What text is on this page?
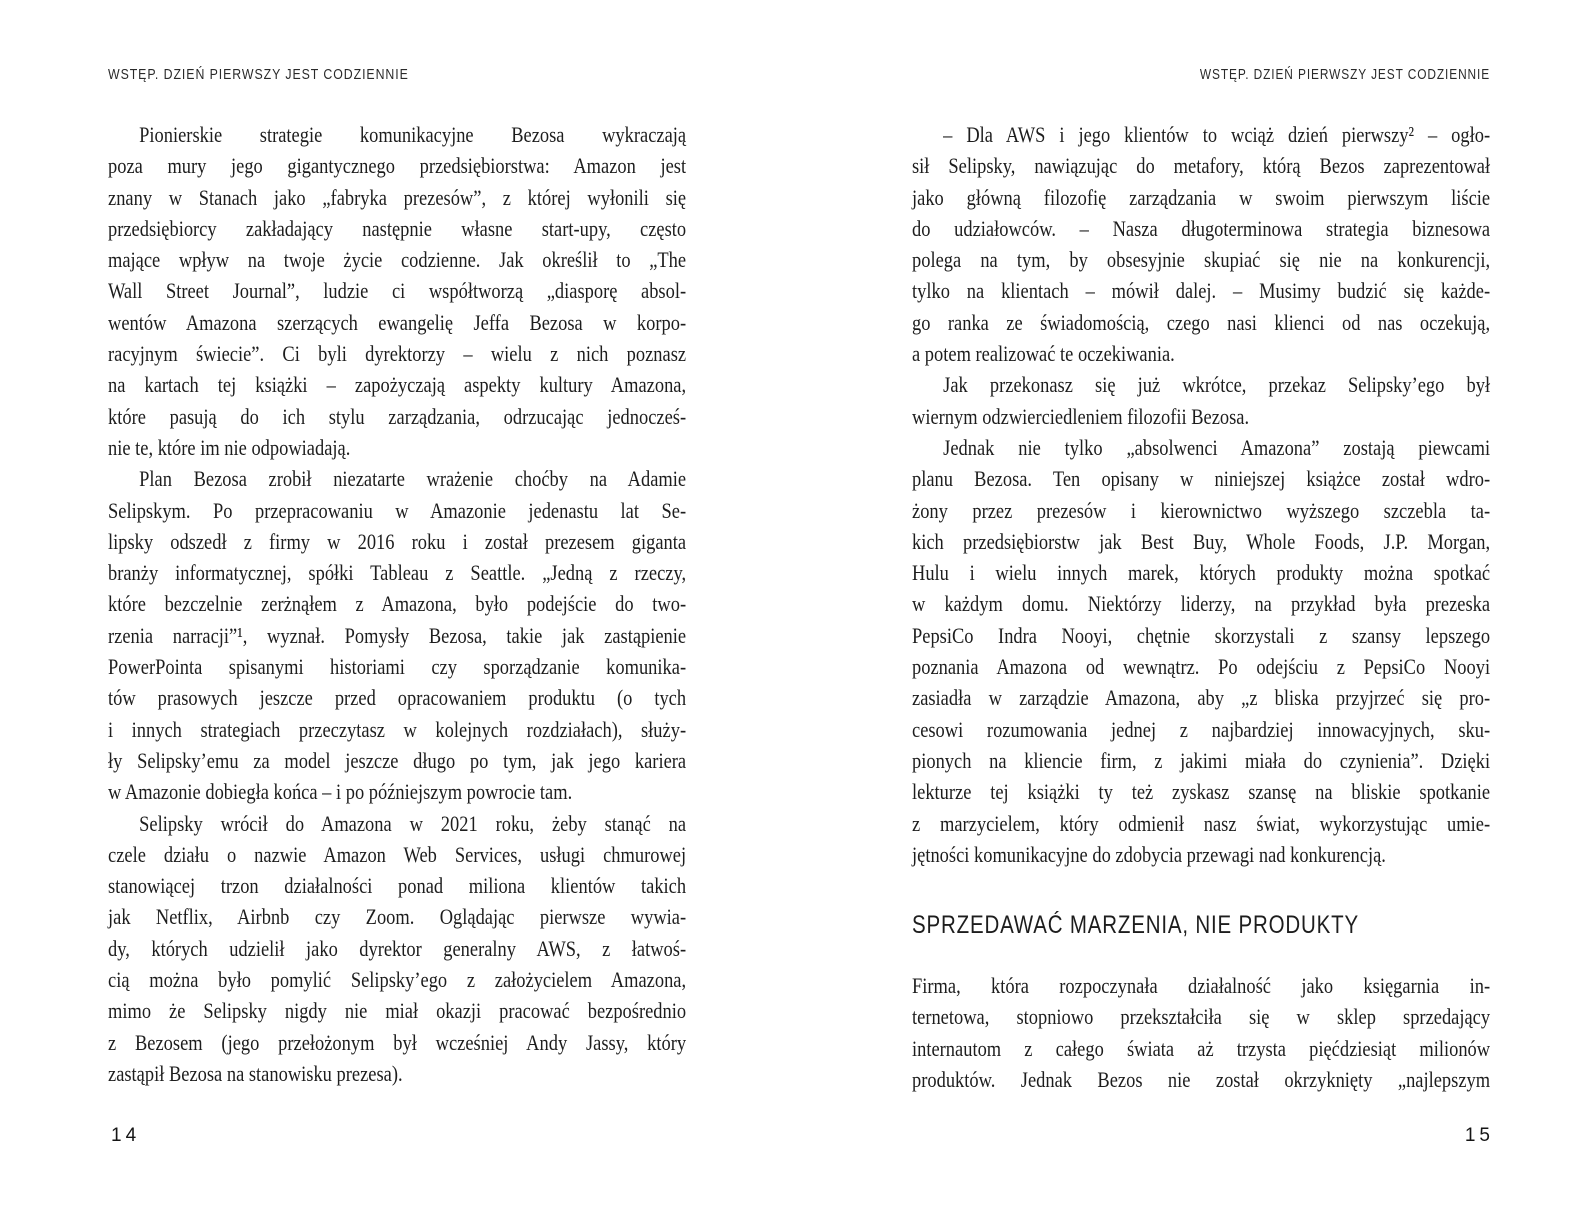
WSTĘP. DZIEŃ PIERWSZY JEST CODZIENNIE	WSTĘP. DZIEŃ PIERWSZY JEST CODZIENNIE
Pionierskie strategie komunikacyjne Bezosa wykraczają
poza mury jego gigantycznego przedsiębiorstwa: Amazon jest
znany w Stanach jako „fabryka prezesów”, z której wyłonili się
przedsiębiorcy zakładający następnie własne start-upy, często
mające wpływ na twoje życie codzienne. Jak określił to „The
Wall Street Journal”, ludzie ci współtworzą „diasporę absol-
wentów Amazona szerzących ewangelię Jeffa Bezosa w korpo-
racyjnym świecie”. Ci byli dyrektorzy – wielu z nich poznasz
na kartach tej książki – zapożyczają aspekty kultury Amazona,
które pasują do ich stylu zarządzania, odrzucając jednocześ-
nie te, które im nie odpowiadają.
Plan Bezosa zrobił niezatarte wrażenie choćby na Adamie
Selipskym. Po przepracowaniu w Amazonie jedenastu lat Se-
lipsky odszedł z firmy w 2016 roku i został prezesem giganta
branży informatycznej, spółki Tableau z Seattle. „Jedną z rzeczy,
które bezczelnie zerżnąłem z Amazona, było podejście do two-
rzenia narracji”¹, wyznał. Pomysły Bezosa, takie jak zastąpienie
PowerPointa spisanymi historiami czy sporządzanie komunika-
tów prasowych jeszcze przed opracowaniem produktu (o tych
i innych strategiach przeczytasz w kolejnych rozdziałach), służy-
ły Selipsky’emu za model jeszcze długo po tym, jak jego kariera
w Amazonie dobiegła końca – i po późniejszym powrocie tam.
Selipsky wrócił do Amazona w 2021 roku, żeby stanąć na
czele działu o nazwie Amazon Web Services, usługi chmurowej
stanowiącej trzon działalności ponad miliona klientów takich
jak Netflix, Airbnb czy Zoom. Oglądając pierwsze wywia-
dy, których udzielił jako dyrektor generalny AWS, z łatwoś-
cią można było pomylić Selipsky’ego z założycielem Amazona,
mimo że Selipsky nigdy nie miał okazji pracować bezpośrednio
z Bezosem (jego przełożonym był wcześniej Andy Jassy, który
zastąpił Bezosa na stanowisku prezesa).
– Dla AWS i jego klientów to wciąż dzień pierwszy² – ogło-
sił Selipsky, nawiązując do metafory, którą Bezos zaprezentował
jako główną filozofię zarządzania w swoim pierwszym liście
do udziałowców. – Nasza długoterminowa strategia biznesowa
polega na tym, by obsesyjnie skupiać się nie na konkurencji,
tylko na klientach – mówił dalej. – Musimy budzić się każde-
go ranka ze świadomością, czego nasi klienci od nas oczekują,
a potem realizować te oczekiwania.
Jak przekonasz się już wkrótce, przekaz Selipsky’ego był
wiernym odzwierciedleniem filozofii Bezosa.
Jednak nie tylko „absolwenci Amazona” zostają piewcami
planu Bezosa. Ten opisany w niniejszej książce został wdro-
żony przez prezesów i kierownictwo wyższego szczebla ta-
kich przedsiębiorstw jak Best Buy, Whole Foods, J.P. Morgan,
Hulu i wielu innych marek, których produkty można spotkać
w każdym domu. Niektórzy liderzy, na przykład była prezeska
PepsiCo Indra Nooyi, chętnie skorzystali z szansy lepszego
poznania Amazona od wewnątrz. Po odejściu z PepsiCo Nooyi
zasiadła w zarządzie Amazona, aby „z bliska przyjrzeć się pro-
cesowi rozumowania jednej z najbardziej innowacyjnych, sku-
pionych na kliencie firm, z jakimi miała do czynienia”. Dzięki
lekturze tej książki ty też zyskasz szansę na bliskie spotkanie
z marzycielem, który odmienił nasz świat, wykorzystując umie-
jętności komunikacyjne do zdobycia przewagi nad konkurencją.
SPRZEDAWAĆ MARZENIA, NIE PRODUKTY
Firma, która rozpoczynała działalność jako księgarnia in-
ternetowa, stopniowo przekształciła się w sklep sprzedający
internautom z całego świata aż trzysta pięćdziesiąt milionów
produktów. Jednak Bezos nie został okrzyknięty „najlepszym
14	15
